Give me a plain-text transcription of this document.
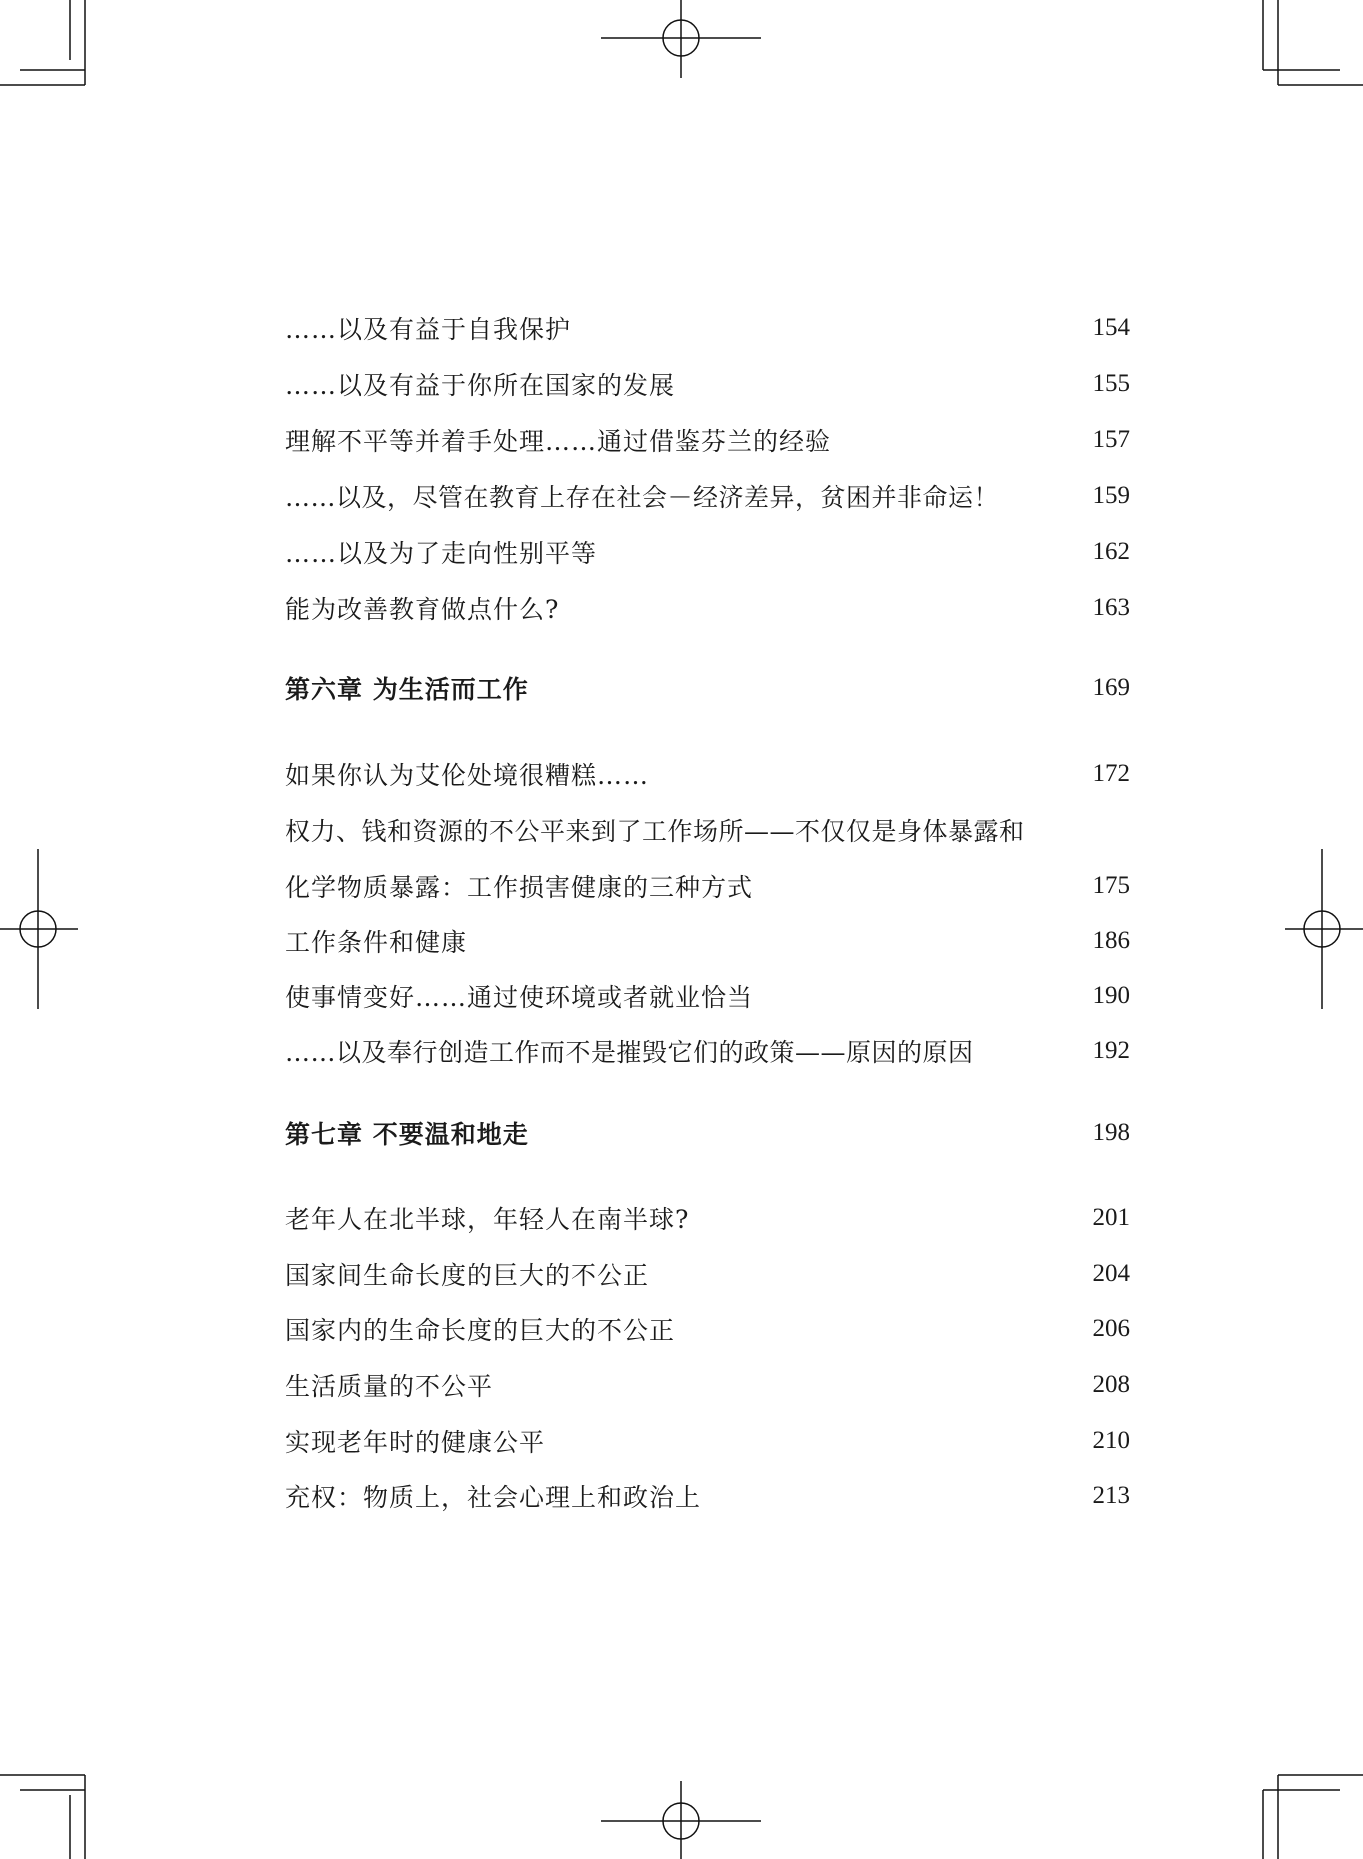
……以及有益于自我保护	154
……以及有益于你所在国家的发展	155
理解不平等并着手处理……通过借鉴芬兰的经验	157
……以及，尽管在教育上存在社会－经济差异，贫困并非命运！	159
……以及为了走向性别平等	162
能为改善教育做点什么?	163
第六章 为生活而工作	169
如果你认为艾伦处境很糟糕……	172
权力、钱和资源的不公平来到了工作场所——不仅仅是身体暴露和
化学物质暴露：工作损害健康的三种方式	175
工作条件和健康	186
使事情变好……通过使环境或者就业恰当	190
……以及奉行创造工作而不是摧毁它们的政策——原因的原因	192
第七章 不要温和地走	198
老年人在北半球，年轻人在南半球?	201
国家间生命长度的巨大的不公正	204
国家内的生命长度的巨大的不公正	206
生活质量的不公平	208
实现老年时的健康公平	210
充权：物质上，社会心理上和政治上	213
